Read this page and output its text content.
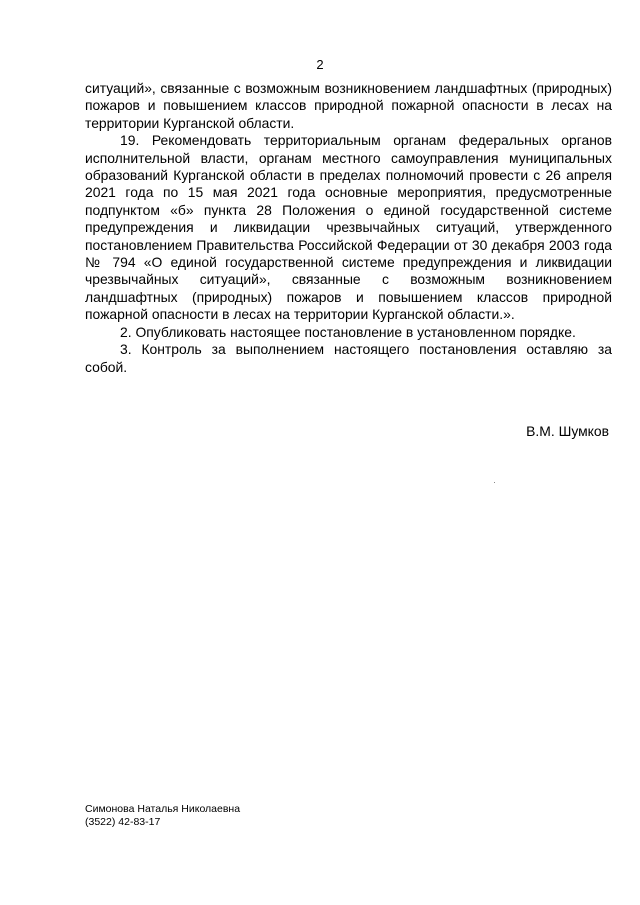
2

ситуаций», связанные с возможным возникновением ландшафтных (природных) пожаров и повышением классов природной пожарной опасности в лесах на территории Курганской области.

19. Рекомендовать территориальным органам федеральных органов исполнительной власти, органам местного самоуправления муниципальных образований Курганской области в пределах полномочий провести с 26 апреля 2021 года по 15 мая 2021 года основные мероприятия, предусмотренные подпунктом «б» пункта 28 Положения о единой государственной системе предупреждения и ликвидации чрезвычайных ситуаций, утвержденного постановлением Правительства Российской Федерации от 30 декабря 2003 года № 794 «О единой государственной системе предупреждения и ликвидации чрезвычайных ситуаций», связанные с возможным возникновением ландшафтных (природных) пожаров и повышением классов природной пожарной опасности в лесах на территории Курганской области.».

2. Опубликовать настоящее постановление в установленном порядке.

3. Контроль за выполнением настоящего постановления оставляю за собой.

В.М. Шумков
Симонова Наталья Николаевна
(3522) 42-83-17
